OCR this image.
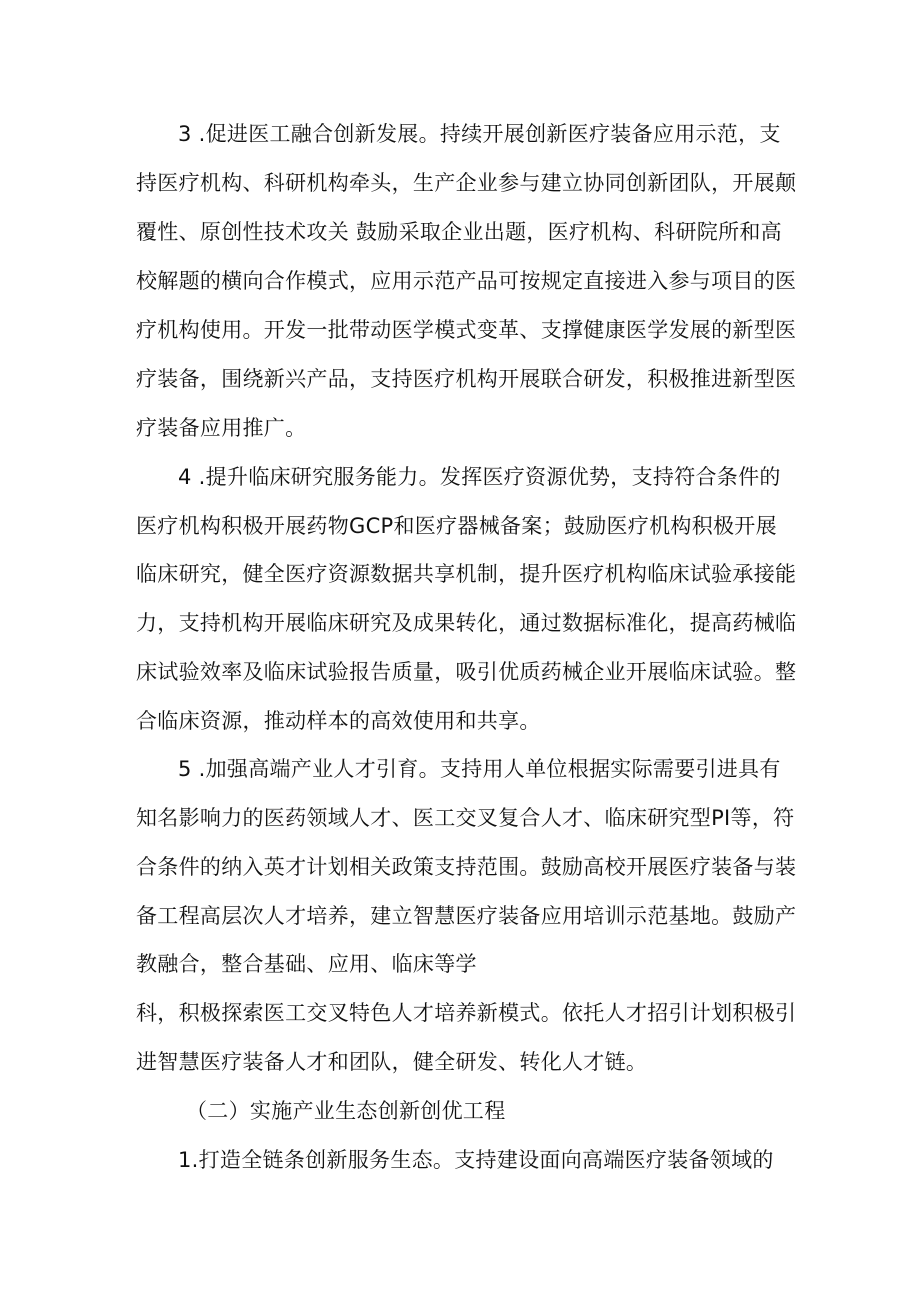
3 .促进医工融合创新发展。持续开展创新医疗装备应用示范，支
持医疗机构、科研机构牵头，生产企业参与建立协同创新团队，开展颠
覆性、原创性技术攻关 鼓励采取企业出题，医疗机构、科研院所和高
校解题的横向合作模式，应用示范产品可按规定直接进入参与项目的医
疗机构使用。开发一批带动医学模式变革、支撑健康医学发展的新型医
疗装备，围绕新兴产品，支持医疗机构开展联合研发，积极推进新型医
疗装备应用推广。
4 .提升临床研究服务能力。发挥医疗资源优势，支持符合条件的
医疗机构积极开展药物GCP和医疗器械备案；鼓励医疗机构积极开展
临床研究，健全医疗资源数据共享机制，提升医疗机构临床试验承接能
力，支持机构开展临床研究及成果转化，通过数据标准化，提高药械临
床试验效率及临床试验报告质量，吸引优质药械企业开展临床试验。整
合临床资源，推动样本的高效使用和共享。
5 .加强高端产业人才引育。支持用人单位根据实际需要引进具有
知名影响力的医药领域人才、医工交叉复合人才、临床研究型PI等，符
合条件的纳入英才计划相关政策支持范围。鼓励高校开展医疗装备与装
备工程高层次人才培养，建立智慧医疗装备应用培训示范基地。鼓励产
教融合，整合基础、应用、临床等学
科，积极探索医工交叉特色人才培养新模式。依托人才招引计划积极引
进智慧医疗装备人才和团队，健全研发、转化人才链。
（二）实施产业生态创新创优工程
1.打造全链条创新服务生态。支持建设面向高端医疗装备领域的
